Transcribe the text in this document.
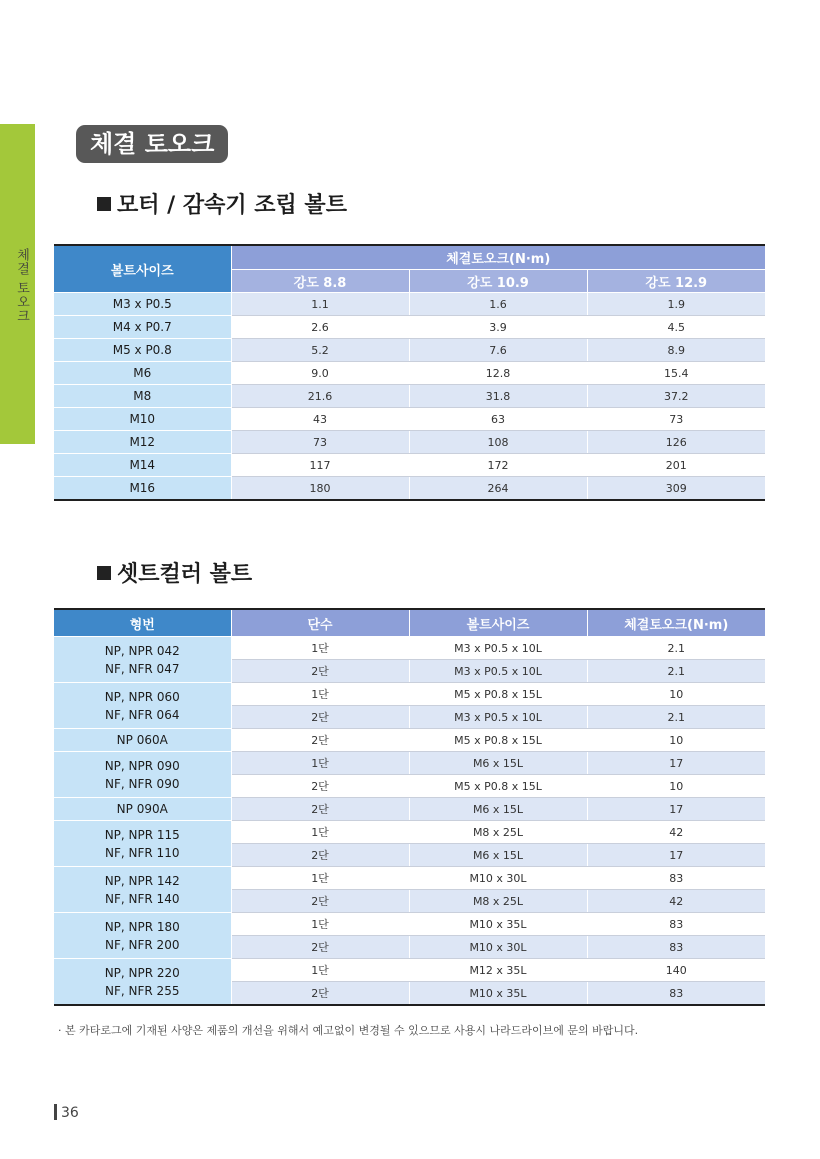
체결 토오크
체결 토오크
모터 / 감속기 조립 볼트
볼트사이즈	체결토오크(N·m)		
	강도 8.8	강도 10.9	강도 12.9
M3 x P0.5	1.1	1.6	1.9
M4 x P0.7	2.6	3.9	4.5
M5 x P0.8	5.2	7.6	8.9
M6	9.0	12.8	15.4
M8	21.6	31.8	37.2
M10	43	63	73
M12	73	108	126
M14	117	172	201
M16	180	264	309
셋트컬러 볼트
형번	단수	볼트사이즈	체결토오크(N·m)

NP, NPR 042
NF, NFR 047	1단	M3 x P0.5 x 10L	2.1
	2단	M3 x P0.5 x 10L	2.1

NP, NPR 060
NF, NFR 064	1단	M5 x P0.8 x 15L	10
	2단	M3 x P0.5 x 10L	2.1

NP 060A	2단	M5 x P0.8 x 15L	10

NP, NPR 090
NF, NFR 090	1단	M6 x 15L	17
	2단	M5 x P0.8 x 15L	10

NP 090A	2단	M6 x 15L	17

NP, NPR 115
NF, NFR 110	1단	M8 x 25L	42
	2단	M6 x 15L	17

NP, NPR 142
NF, NFR 140	1단	M10 x 30L	83
	2단	M8 x 25L	42

NP, NPR 180
NF, NFR 200	1단	M10 x 35L	83
	2단	M10 x 30L	83

NP, NPR 220
NF, NFR 255	1단	M12 x 35L	140
	2단	M10 x 35L	83
· 본 카타로그에 기재된 사양은 제품의 개선을 위해서 예고없이 변경될 수 있으므로 사용시 나라드라이브에 문의 바랍니다.
36
